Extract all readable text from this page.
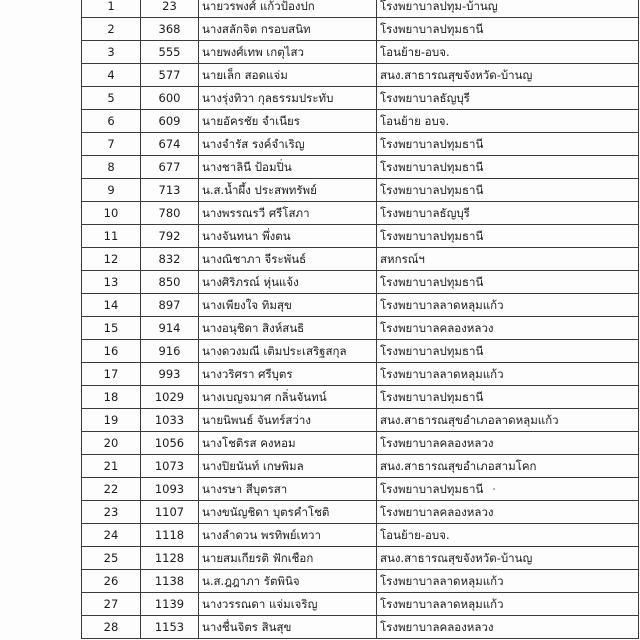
1	23	นายวรพงศ์ แก้วป้องปก	โรงพยาบาลปทุม-บ้านญ
2	368	นางสลักจิต กรอบสนิท	โรงพยาบาลปทุมธานี
3	555	นายพงศ์เทพ เกตุไสว	โอนย้าย-อบจ.
4	577	นายเล็ก สอดแจ่ม	สนง.สาธารณสุขจังหวัด-บ้านญ
5	600	นางรุ่งทิวา กุลธรรมประทับ	โรงพยาบาลธัญบุรี
6	609	นายอัครชัย จำเนียร	โอนย้าย อบจ.
7	674	นางจำรัส รงค์จำเริญ	โรงพยาบาลปทุมธานี
8	677	นางชาลินี ป้อมปิ่น	โรงพยาบาลปทุมธานี
9	713	น.ส.น้ำผึ้ง ประสพทรัพย์	โรงพยาบาลปทุมธานี
10	780	นางพรรณรวี ศรีโสภา	โรงพยาบาลธัญบุรี
11	792	นางจันทนา พึ่งตน	โรงพยาบาลปทุมธานี
12	832	นางณิชาภา จีระพันธ์	สหกรณ์ฯ
13	850	นางศิริภรณ์ หุ่นแจ้ง	โรงพยาบาลปทุมธานี
14	897	นางเพียงใจ ทิมสุข	โรงพยาบาลลาดหลุมแก้ว
15	914	นางอนุชิดา สิงห์สนธิ	โรงพยาบาลคลองหลวง
16	916	นางดวงมณี เติมประเสริฐสกุล	โรงพยาบาลปทุมธานี
17	993	นางวริศรา ศรีบุตร	โรงพยาบาลลาดหลุมแก้ว
18	1029	นางเบญจมาศ กลิ่นจันทน์	โรงพยาบาลปทุมธานี
19	1033	นายนิพนธ์ จันทร์สว่าง	สนง.สาธารณสุขอำเภอลาดหลุมแก้ว
20	1056	นางโชติรส คงหอม	โรงพยาบาลคลองหลวง
21	1073	นางปิยนันท์ เกษพิมล	สนง.สาธารณสุขอำเภอสามโคก
22	1093	นางรษา สีบุตรสา	โรงพยาบาลปทุมธานี
23	1107	นางขนัญชิดา บุตรคำโชติ	โรงพยาบาลคลองหลวง
24	1118	นางลำดวน พรทิพย์เทวา	โอนย้าย-อบจ.
25	1128	นายสมเกียรติ ฟักเชือก	สนง.สาธารณสุขจังหวัด-บ้านญ
26	1138	น.ส.ฎฎาภา รัตพินิจ	โรงพยาบาลลาดหลุมแก้ว
27	1139	นางวรรณดา แจ่มเจริญ	โรงพยาบาลลาดหลุมแก้ว
28	1153	นางชื่นจิตร สินสุข	โรงพยาบาลคลองหลวง
